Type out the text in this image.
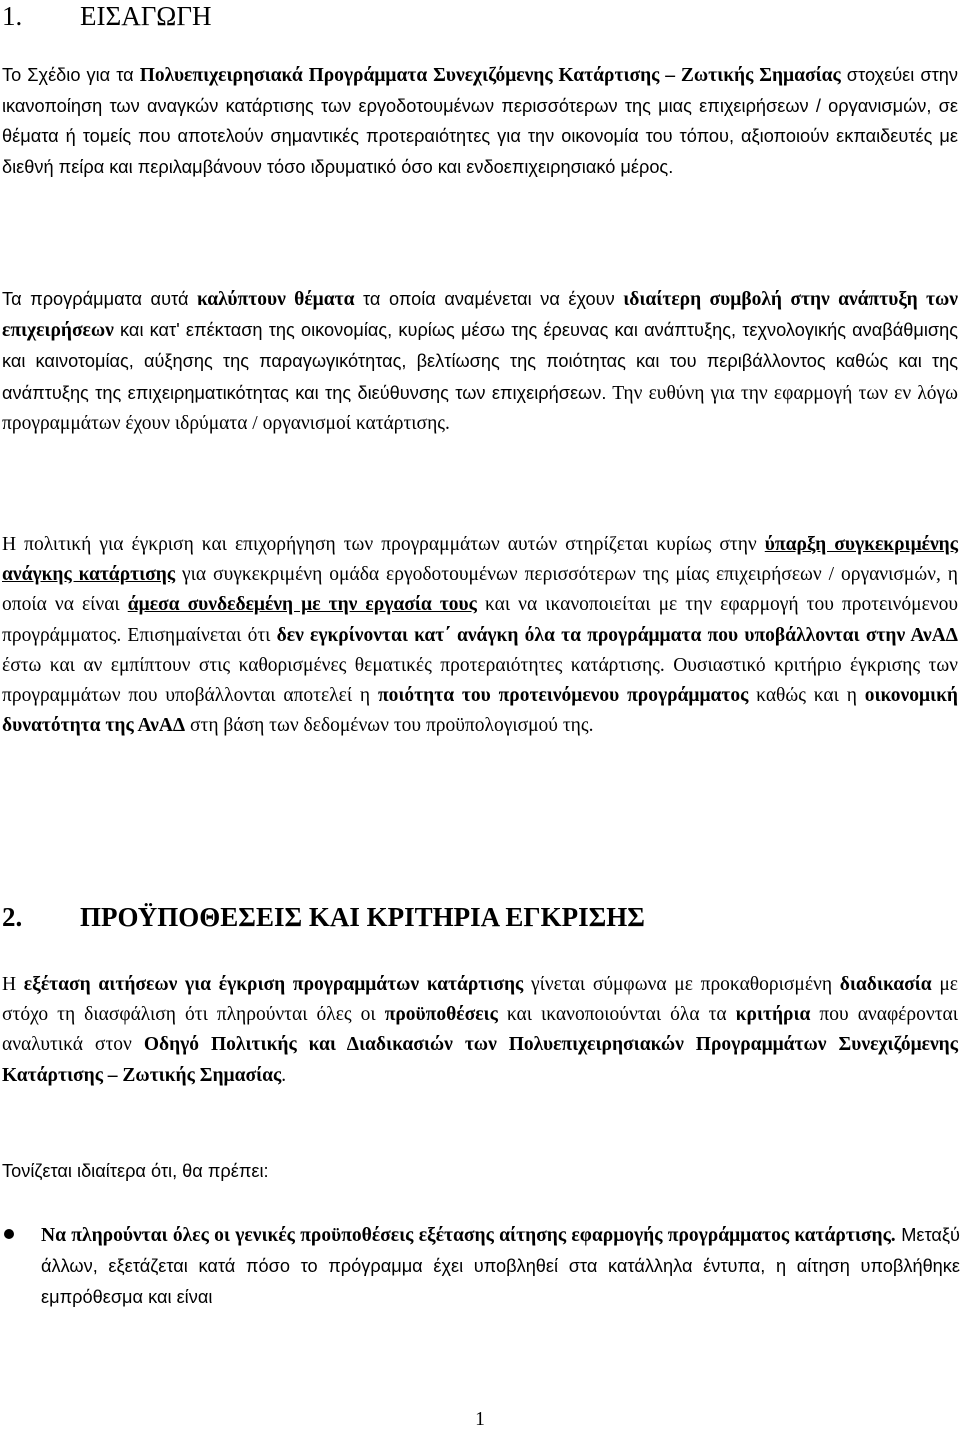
1. ΕΙΣΑΓΩΓΗ

Το Σχέδιο για τα Πολυεπιχειρησιακά Προγράμματα Συνεχιζόμενης Κατάρτισης – Ζωτικής Σημασίας στοχεύει στην ικανοποίηση των αναγκών κατάρτισης των εργοδοτουμένων περισσότερων της μιας επιχειρήσεων / οργανισμών, σε θέματα ή τομείς που αποτελούν σημαντικές προτεραιότητες για την οικονομία του τόπου, αξιοποιούν εκπαιδευτές με διεθνή πείρα και περιλαμβάνουν τόσο ιδρυματικό όσο και ενδοεπιχειρησιακό μέρος.

Τα προγράμματα αυτά καλύπτουν θέματα τα οποία αναμένεται να έχουν ιδιαίτερη συμβολή στην ανάπτυξη των επιχειρήσεων και κατ' επέκταση της οικονομίας, κυρίως μέσω της έρευνας και ανάπτυξης, τεχνολογικής αναβάθμισης και καινοτομίας, αύξησης της παραγωγικότητας, βελτίωσης της ποιότητας και του περιβάλλοντος καθώς και της ανάπτυξης της επιχειρηματικότητας και της διεύθυνσης των επιχειρήσεων. Την ευθύνη για την εφαρμογή των εν λόγω προγραμμάτων έχουν ιδρύματα / οργανισμοί κατάρτισης.

Η πολιτική για έγκριση και επιχορήγηση των προγραμμάτων αυτών στηρίζεται κυρίως στην ύπαρξη συγκεκριμένης ανάγκης κατάρτισης για συγκεκριμένη ομάδα εργοδοτουμένων περισσότερων της μίας επιχειρήσεων / οργανισμών, η οποία να είναι άμεσα συνδεδεμένη με την εργασία τους και να ικανοποιείται με την εφαρμογή του προτεινόμενου προγράμματος. Επισημαίνεται ότι δεν εγκρίνονται κατ΄ ανάγκη όλα τα προγράμματα που υποβάλλονται στην ΑνΑΔ έστω και αν εμπίπτουν στις καθορισμένες θεματικές προτεραιότητες κατάρτισης. Ουσιαστικό κριτήριο έγκρισης των προγραμμάτων που υποβάλλονται αποτελεί η ποιότητα του προτεινόμενου προγράμματος καθώς και η οικονομική δυνατότητα της ΑνΑΔ στη βάση των δεδομένων του προϋπολογισμού της.

2. ΠΡΟΫΠΟΘΕΣΕΙΣ ΚΑΙ ΚΡΙΤΗΡΙΑ ΕΓΚΡΙΣΗΣ

Η εξέταση αιτήσεων για έγκριση προγραμμάτων κατάρτισης γίνεται σύμφωνα με προκαθορισμένη διαδικασία με στόχο τη διασφάλιση ότι πληρούνται όλες οι προϋποθέσεις και ικανοποιούνται όλα τα κριτήρια που αναφέρονται αναλυτικά στον Οδηγό Πολιτικής και Διαδικασιών των Πολυεπιχειρησιακών Προγραμμάτων Συνεχιζόμενης Κατάρτισης – Ζωτικής Σημασίας.

Τονίζεται ιδιαίτερα ότι, θα πρέπει:

Να πληρούνται όλες οι γενικές προϋποθέσεις εξέτασης αίτησης εφαρμογής προγράμματος κατάρτισης. Μεταξύ άλλων, εξετάζεται κατά πόσο το πρόγραμμα έχει υποβληθεί στα κατάλληλα έντυπα, η αίτηση υποβλήθηκε εμπρόθεσμα και είναι

1
